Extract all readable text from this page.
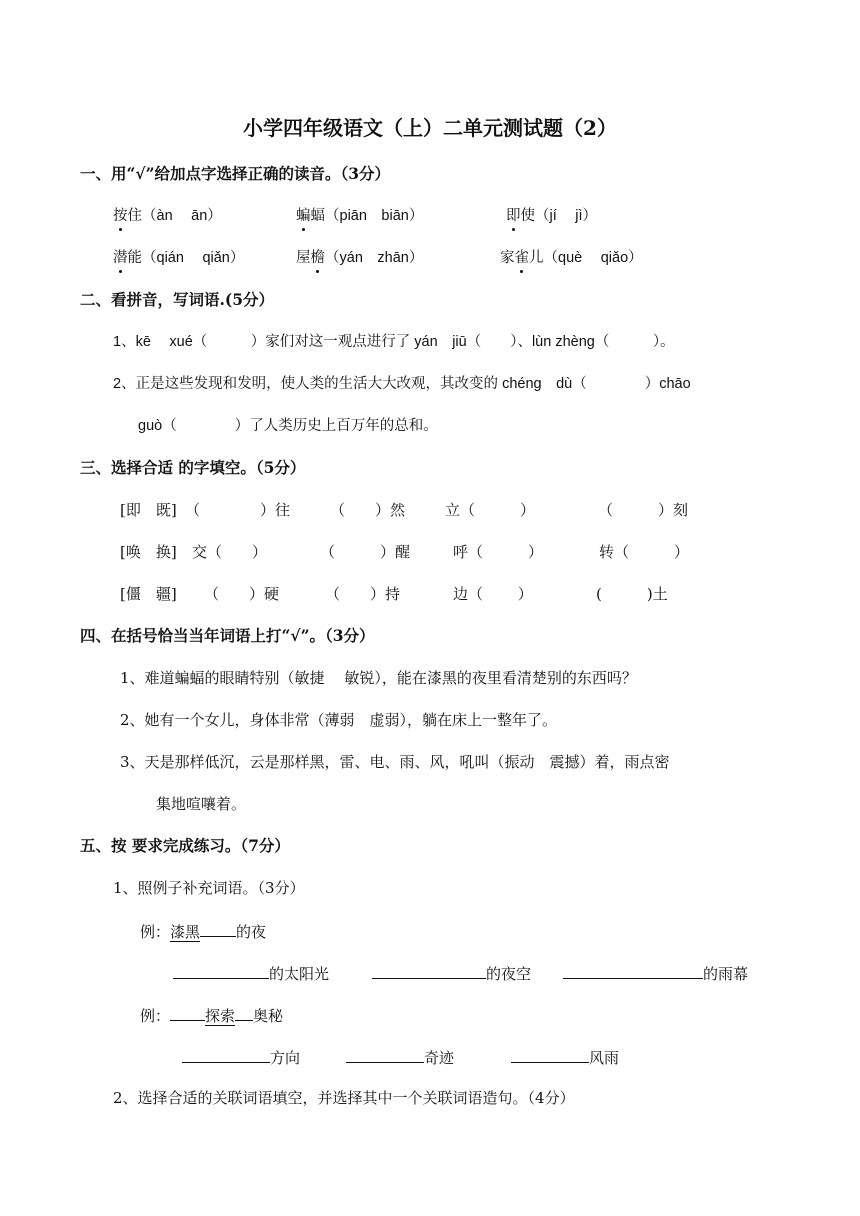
小学四年级语文（上）二单元测试题（2）
一、用“√”给加点字选择正确的读音。（3分）
按住（àn　 ān）	蝙蝠（piān　biān）	即使（jí　 jì）
潜能（qián　 qiǎn）	屋檐（yán　zhān）	家雀儿（què　 qiǎo）
二、看拼音，写词语.(5分）
1、kē　 xué（　　　）家们对这一观点进行了 yán　jiū（　　）、lùn zhèng（　　　）。
2、正是这些发现和发明，使人类的生活大大改观，其改变的 chéng　dù（　　　　）chāo
guò（　　　　）了人类历史上百万年的总和。
三、选择合适 的字填空。（5分）
[即　既] （　　　　）往	（　　）然	立（　　　）	（　　　）刻
[唤　换] 交（　　）	（　　　）醒	呼（　　　）	转（　　　）
[僵　疆] （　　）硬	（　　）持	边（　　 ）	(　　　)土
四、在括号恰当当年词语上打“√”。（3分）
1、难道蝙蝠的眼睛特别（敏捷　 敏锐），能在漆黑的夜里看清楚别的东西吗？
2、她有一个女儿，身体非常（薄弱　虚弱），躺在床上一整年了。
3、天是那样低沉，云是那样黑，雷、电、雨、风，吼叫（振动　震撼）着，雨点密
集地喧嚷着。
五、按 要求完成练习。（7分）
1、照例子补充词语。（3分）
例：漆黑 的夜
的太阳光	的夜空	的雨幕
例： 探索 奥秘
方向	奇迹	风雨
2、选择合适的关联词语填空，并选择其中一个关联词语造句。（4分）
